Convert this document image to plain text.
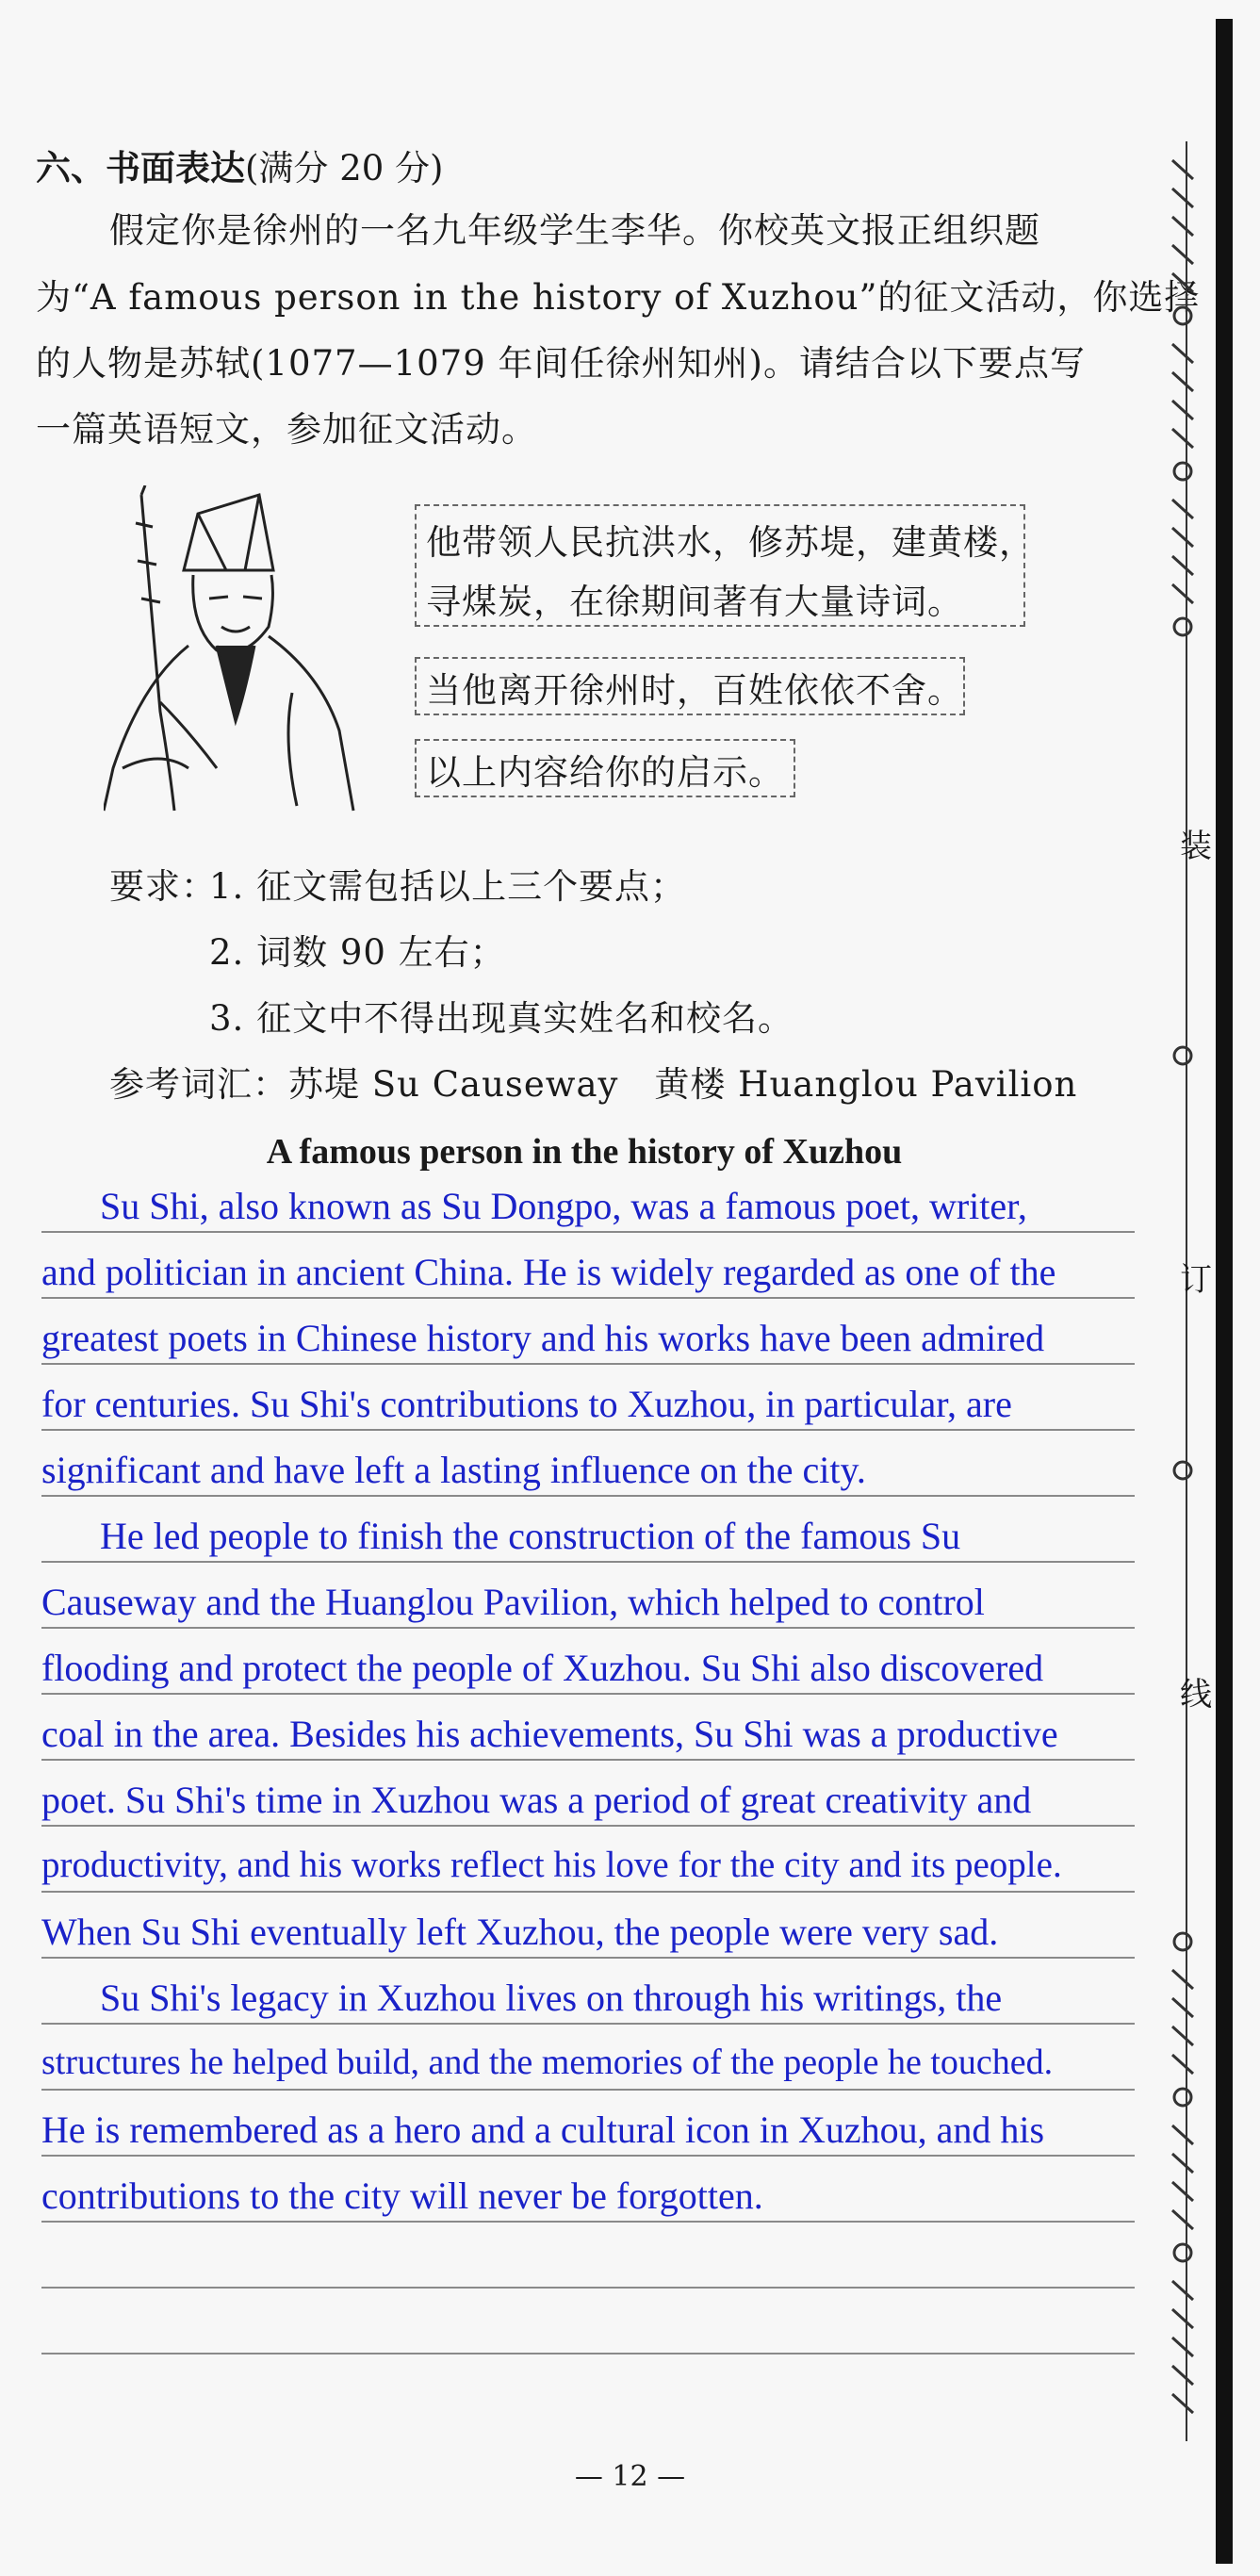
六、书面表达(满分 20 分)
假定你是徐州的一名九年级学生李华。你校英文报正组织题
为“A famous person in the history of Xuzhou”的征文活动，你选择
的人物是苏轼(1077—1079 年间任徐州知州)。请结合以下要点写
一篇英语短文，参加征文活动。
他带领人民抗洪水，修苏堤，建黄楼，
寻煤炭，在徐期间著有大量诗词。
当他离开徐州时，百姓依依不舍。
以上内容给你的启示。
要求：
1. 征文需包括以上三个要点；
2. 词数 90 左右；
3. 征文中不得出现真实姓名和校名。
参考词汇：苏堤 Su Causeway　黄楼 Huanglou Pavilion
A famous person in the history of Xuzhou
Su Shi, also known as Su Dongpo, was a famous poet, writer,
and politician in ancient China. He is widely regarded as one of the
greatest poets in Chinese history and his works have been admired
for centuries. Su Shi's contributions to Xuzhou, in particular, are
significant and have left a lasting influence on the city.
He led people to finish the construction of the famous Su
Causeway and the Huanglou Pavilion, which helped to control
flooding and protect the people of Xuzhou. Su Shi also discovered
coal in the area. Besides his achievements, Su Shi was a productive
poet. Su Shi's time in Xuzhou was a period of great creativity and
productivity, and his works reflect his love for the city and its people.
When Su Shi eventually left Xuzhou, the people were very sad.
Su Shi's legacy in Xuzhou lives on through his writings, the
structures he helped build, and the memories of the people he touched.
He is remembered as a hero and a cultural icon in Xuzhou, and his
contributions to the city will never be forgotten.
装
订
线
— 12 —
